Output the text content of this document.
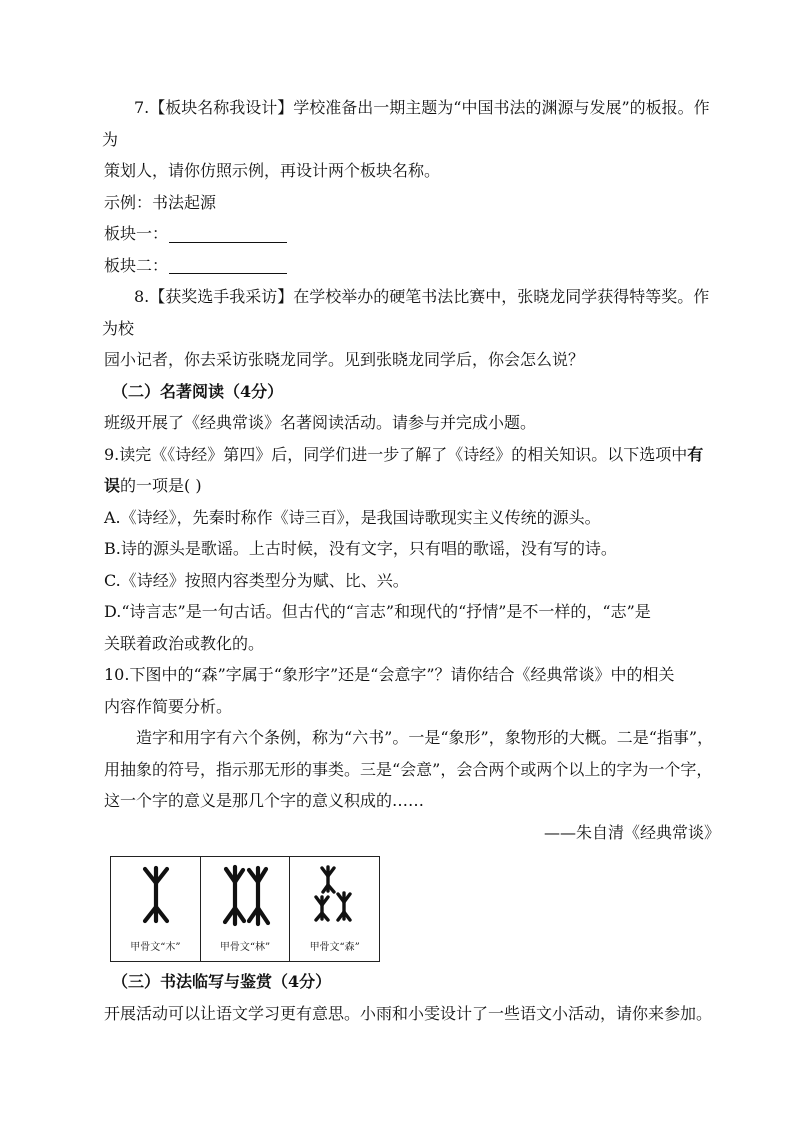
7.【板块名称我设计】学校准备出一期主题为“中国书法的渊源与发展”的板报。作为

策划人，请你仿照示例，再设计两个板块名称。

示例：书法起源

板块一：
板块二：

8.【获奖选手我采访】在学校举办的硬笔书法比赛中，张晓龙同学获得特等奖。作为校

园小记者，你去采访张晓龙同学。见到张晓龙同学后，你会怎么说？

（二）名著阅读（4分）

班级开展了《经典常谈》名著阅读活动。请参与并完成小题。

9.读完《《诗经》第四》后，同学们进一步了解了《诗经》的相关知识。以下选项中有

误的一项是( )

A.《诗经》，先秦时称作《诗三百》，是我国诗歌现实主义传统的源头。

B.诗的源头是歌谣。上古时候，没有文字，只有唱的歌谣，没有写的诗。

C.《诗经》按照内容类型分为赋、比、兴。

D.“诗言志”是一句古话。但古代的“言志”和现代的“抒情”是不一样的，“志”是

关联着政治或教化的。

10.下图中的“森”字属于“象形字”还是“会意字”？请你结合《经典常谈》中的相关

内容作简要分析。

造字和用字有六个条例，称为“六书”。一是“象形”，象物形的大概。二是“指事”，用抽象的符号，指示那无形的事类。三是“会意”，会合两个或两个以上的字为一个字，这一个字的意义是那几个字的意义积成的……

——朱自清《经典常谈》

甲骨文“木”	甲骨文“林”	甲骨文“森”

（三）书法临写与鉴赏（4分）

开展活动可以让语文学习更有意思。小雨和小雯设计了一些语文小活动，请你来参加。
